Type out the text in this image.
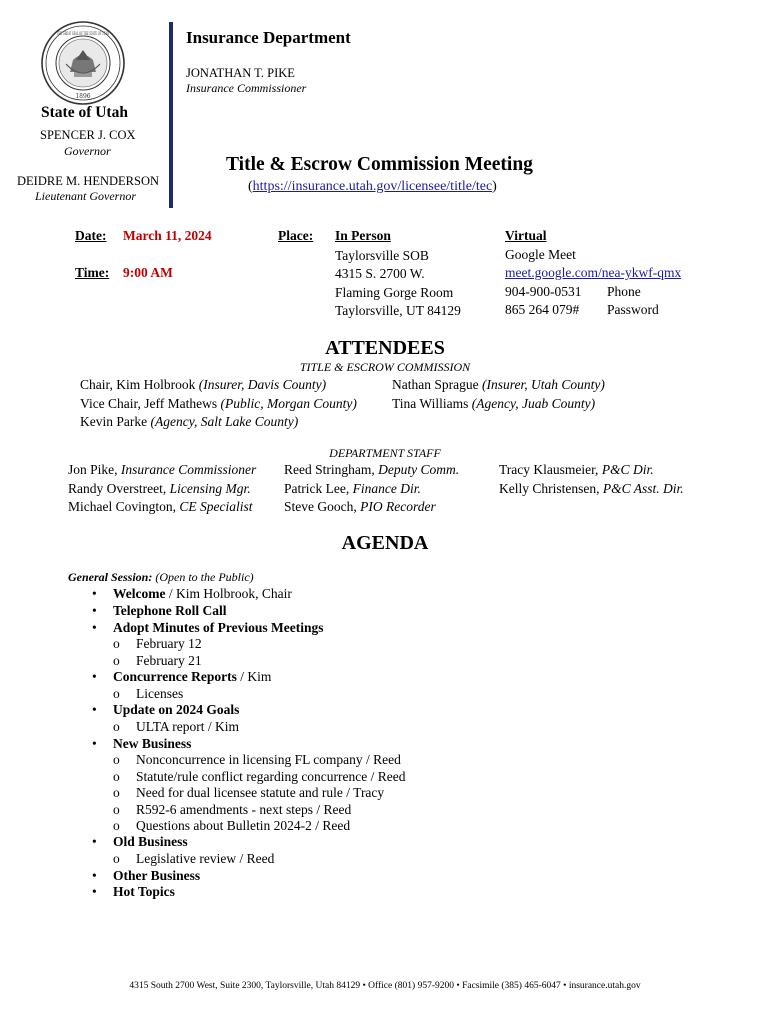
THE GREAT SEAL OF THE STATE OF UTAH
1896
State of Utah
SPENCER J. COX
Governor
DEIDRE M. HENDERSON
Lieutenant Governor
Insurance Department
JONATHAN T. PIKE
Insurance Commissioner
Title & Escrow Commission Meeting
(https://insurance.utah.gov/licensee/title/tec)
Date: March 11, 2024
Time: 9:00 AM
Place: In Person
Taylorsville SOB
4315 S. 2700 W.
Flaming Gorge Room
Taylorsville, UT 84129
Virtual
Google Meet
meet.google.com/nea-ykwf-qmx
904-900-0531 Phone
865 264 079# Password
ATTENDEES
TITLE & ESCROW COMMISSION
Chair, Kim Holbrook (Insurer, Davis County)
Vice Chair, Jeff Mathews (Public, Morgan County)
Kevin Parke (Agency, Salt Lake County)
Nathan Sprague (Insurer, Utah County)
Tina Williams (Agency, Juab County)
DEPARTMENT STAFF
Jon Pike, Insurance Commissioner
Randy Overstreet, Licensing Mgr.
Michael Covington, CE Specialist
Reed Stringham, Deputy Comm.
Patrick Lee, Finance Dir.
Steve Gooch, PIO Recorder
Tracy Klausmeier, P&C Dir.
Kelly Christensen, P&C Asst. Dir.
AGENDA
General Session: (Open to the Public)
• Welcome / Kim Holbrook, Chair
• Telephone Roll Call
• Adopt Minutes of Previous Meetings
o February 12
o February 21
• Concurrence Reports / Kim
o Licenses
• Update on 2024 Goals
o ULTA report / Kim
• New Business
o Nonconcurrence in licensing FL company / Reed
o Statute/rule conflict regarding concurrence / Reed
o Need for dual licensee statute and rule / Tracy
o R592-6 amendments - next steps / Reed
o Questions about Bulletin 2024-2 / Reed
• Old Business
o Legislative review / Reed
• Other Business
• Hot Topics
4315 South 2700 West, Suite 2300, Taylorsville, Utah 84129 • Office (801) 957-9200 • Facsimile (385) 465-6047 • insurance.utah.gov
